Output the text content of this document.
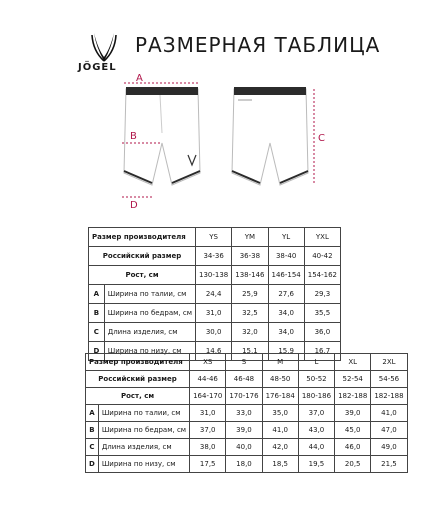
JÖGEL
РАЗМЕРНАЯ ТАБЛИЦА
A
B	C
D
Размер производителя		YS	YM	YL	YXL
Российский размер		34-36	36-38	38-40	40-42
Рост, см		130-138	138-146	146-154	154-162
A	Ширина по талии, см	24,4	25,9	27,6	29,3
B	Ширина по бедрам, см	31,0	32,5	34,0	35,5
C	Длина изделия, см	30,0	32,0	34,0	36,0
D	Ширина по низу, см	14,6	15,1	15,9	16,7
Размер производителя		XS	S	M	L	XL	2XL
Российский размер		44-46	46-48	48-50	50-52	52-54	54-56
Рост, см		164-170	170-176	176-184	180-186	182-188	182-188
A	Ширина по талии, см	31,0	33,0	35,0	37,0	39,0	41,0
B	Ширина по бедрам, см	37,0	39,0	41,0	43,0	45,0	47,0
C	Длина изделия, см	38,0	40,0	42,0	44,0	46,0	49,0
D	Ширина по низу, см	17,5	18,0	18,5	19,5	20,5	21,5
